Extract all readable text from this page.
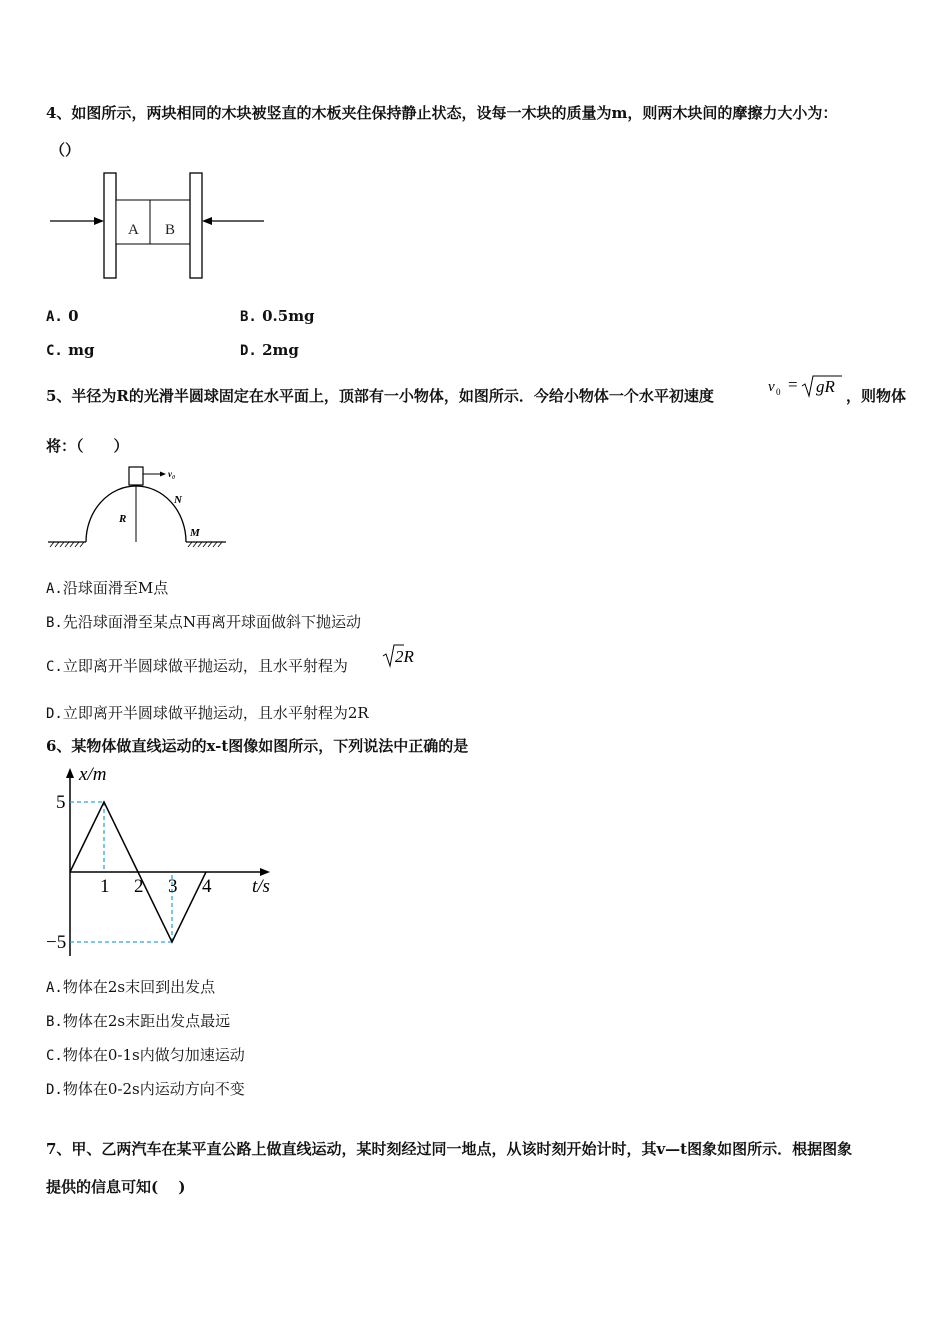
4、如图所示，两块相同的木块被竖直的木板夹住保持静止状态，设每一木块的质量为m，则两木块间的摩擦力大小为：
（）
A B
A. 0	B. 0.5mg
C. mg	D. 2mg
5、半径为R的光滑半圆球固定在水平面上，顶部有一小物体，如图所示．今给小物体一个水平初速度	v 0 = gR ，则物体
将：（　　）
v₀
N
R
M
A.沿球面滑至M点
B.先沿球面滑至某点N再离开球面做斜下抛运动
C.立即离开半圆球做平抛运动，且水平射程为	2R
D.立即离开半圆球做平抛运动，且水平射程为2R
6、某物体做直线运动的x-t图像如图所示，下列说法中正确的是
x/m
t/s
1 2 3 4
5
−5
A.物体在2s末回到出发点
B.物体在2s末距出发点最远
C.物体在0-1s内做匀加速运动
D.物体在0-2s内运动方向不变
7、甲、乙两汽车在某平直公路上做直线运动，某时刻经过同一地点，从该时刻开始计时，其v—t图象如图所示．根据图象
提供的信息可知(　 )
